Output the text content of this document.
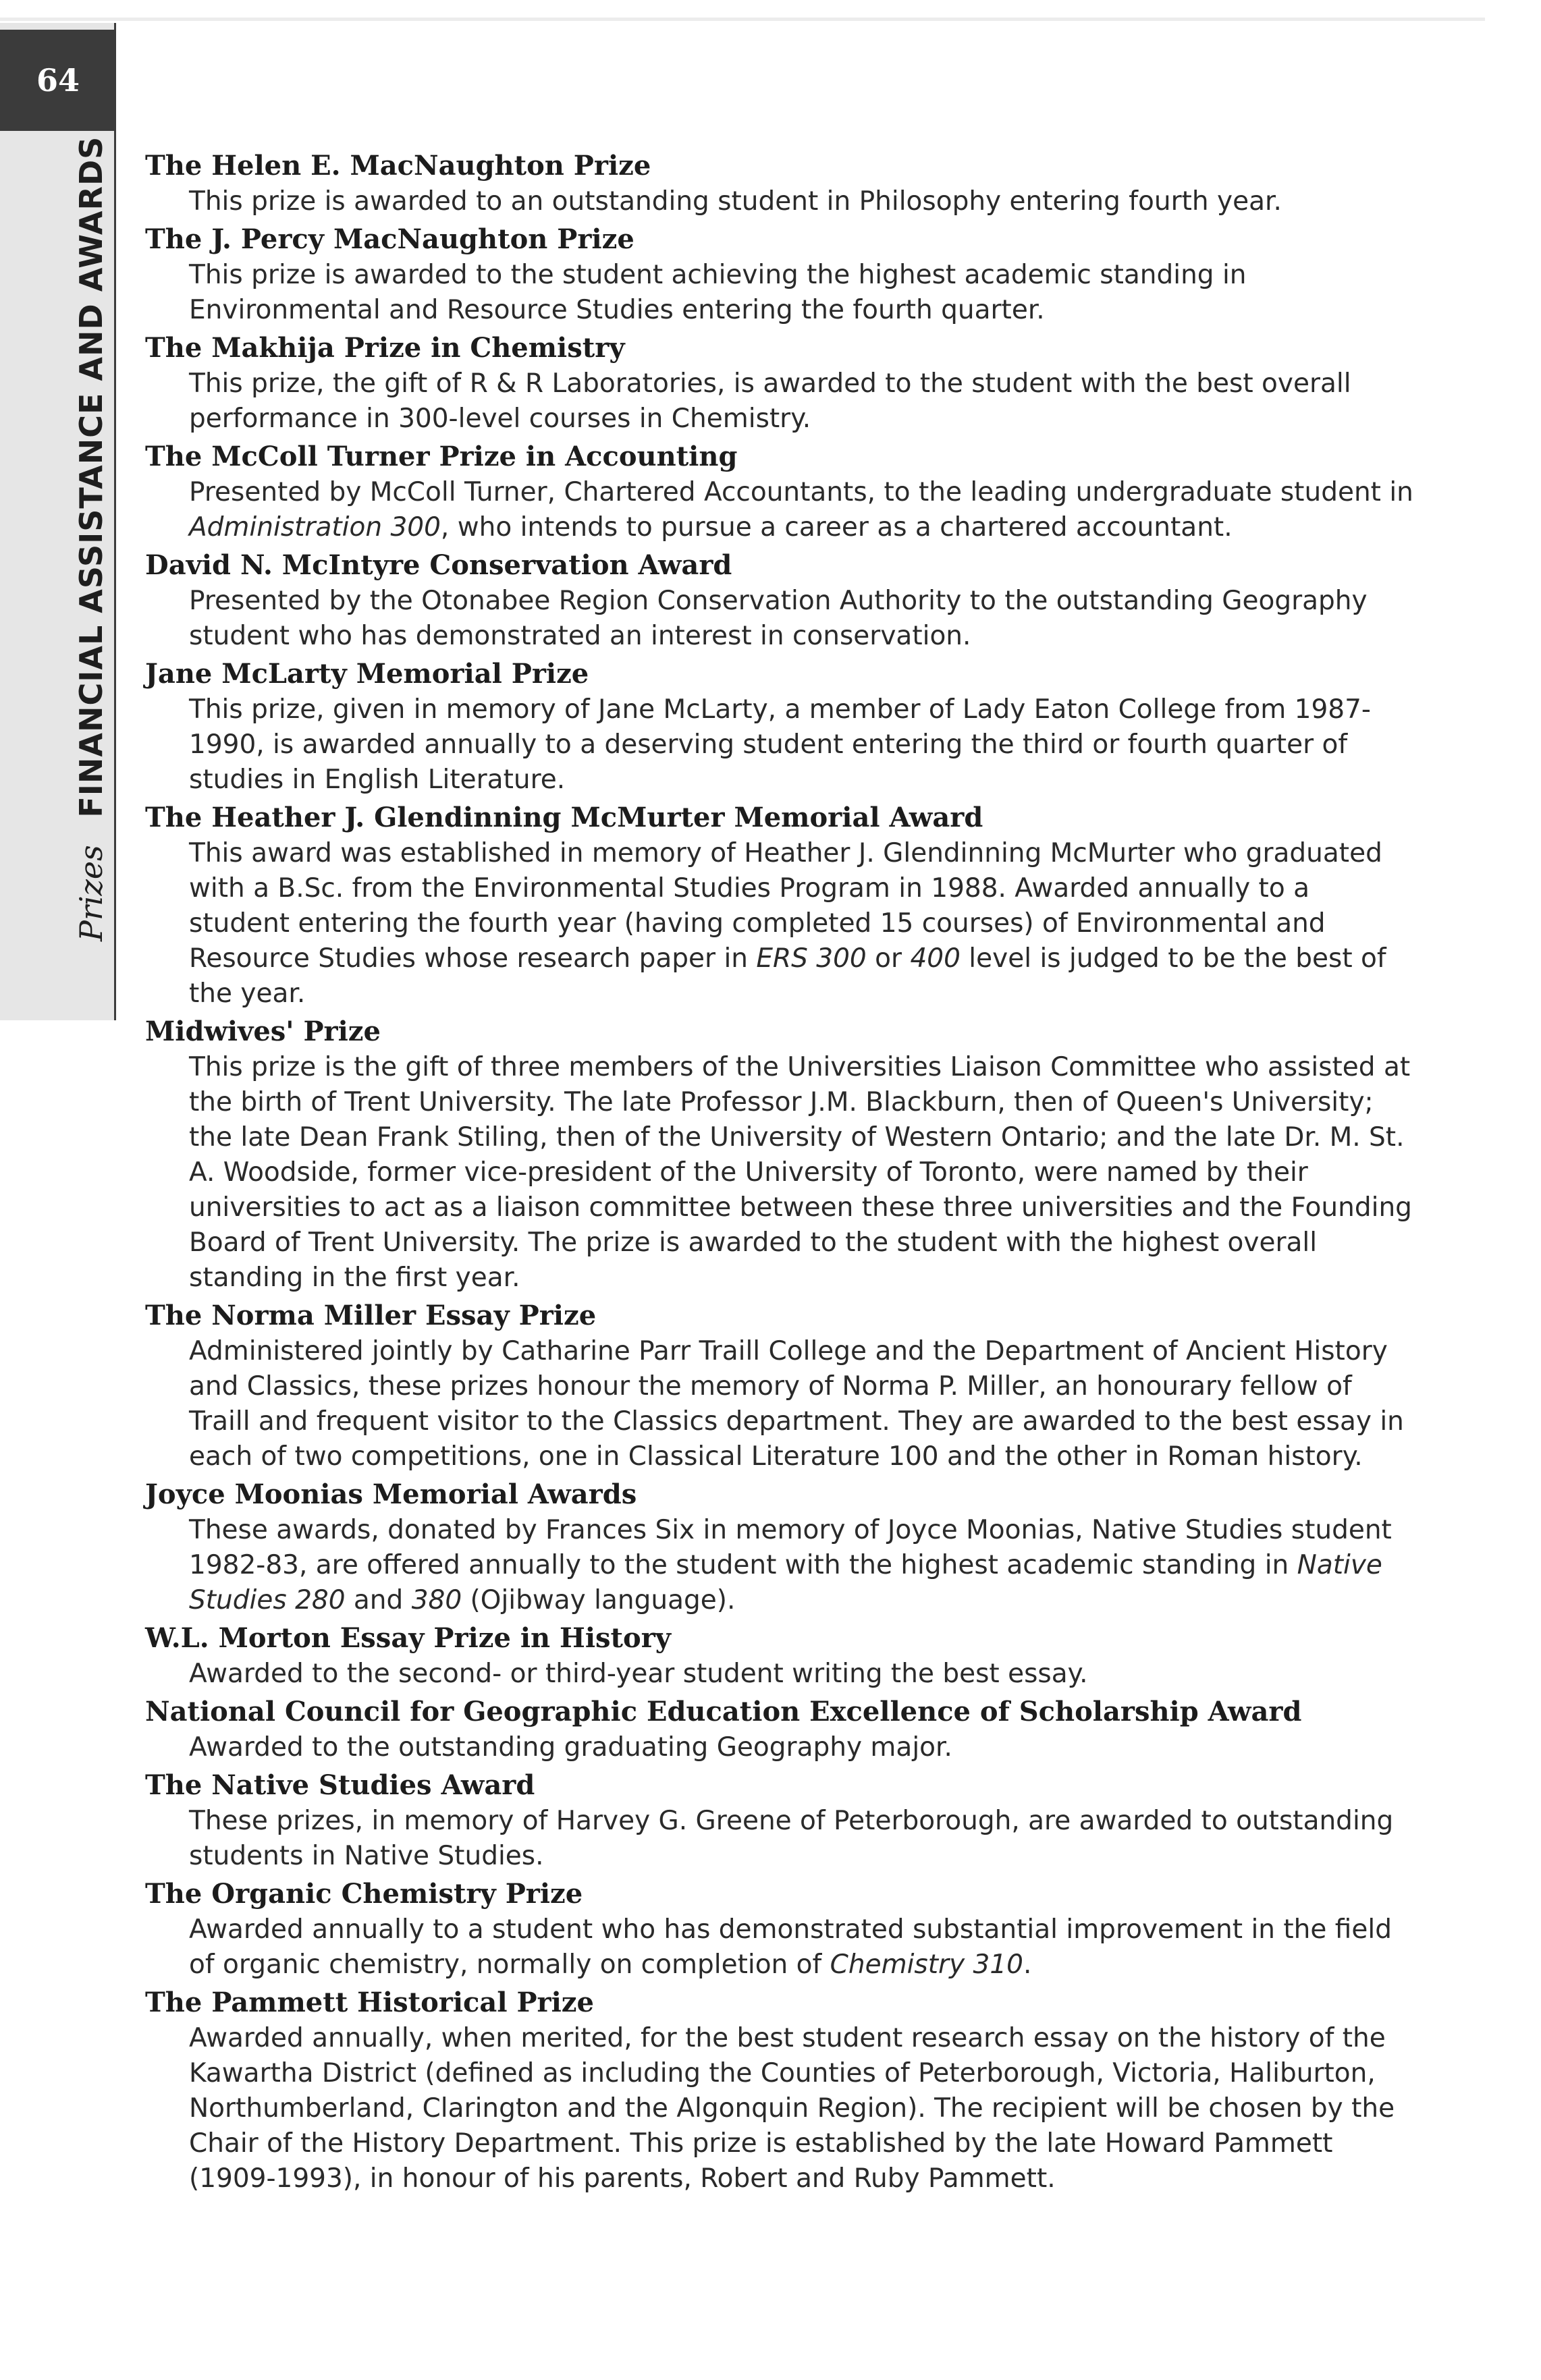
64
Prizes FINANCIAL ASSISTANCE AND AWARDS The Helen E. MacNaughton Prize
This prize is awarded to an outstanding student in Philosophy entering fourth year.
The J. Percy MacNaughton Prize
This prize is awarded to the student achieving the highest academic standing in Environmental and Resource Studies entering the fourth quarter.
The Makhija Prize in Chemistry
This prize, the gift of R & R Laboratories, is awarded to the student with the best overall performance in 300-level courses in Chemistry.
The McColl Turner Prize in Accounting
Presented by McColl Turner, Chartered Accountants, to the leading undergraduate student in Administration 300, who intends to pursue a career as a chartered accountant.
David N. McIntyre Conservation Award
Presented by the Otonabee Region Conservation Authority to the outstanding Geography student who has demonstrated an interest in conservation.
Jane McLarty Memorial Prize
This prize, given in memory of Jane McLarty, a member of Lady Eaton College from 1987-1990, is awarded annually to a deserving student entering the third or fourth quarter of studies in English Literature.
The Heather J. Glendinning McMurter Memorial Award
This award was established in memory of Heather J. Glendinning McMurter who graduated with a B.Sc. from the Environmental Studies Program in 1988. Awarded annually to a student entering the fourth year (having completed 15 courses) of Environmental and Resource Studies whose research paper in ERS 300 or 400 level is judged to be the best of the year.
Midwives' Prize
This prize is the gift of three members of the Universities Liaison Committee who assisted at the birth of Trent University. The late Professor J.M. Blackburn, then of Queen's University; the late Dean Frank Stiling, then of the University of Western Ontario; and the late Dr. M. St. A. Woodside, former vice-president of the University of Toronto, were named by their universities to act as a liaison committee between these three universities and the Founding Board of Trent University. The prize is awarded to the student with the highest overall standing in the first year.
The Norma Miller Essay Prize
Administered jointly by Catharine Parr Traill College and the Department of Ancient History and Classics, these prizes honour the memory of Norma P. Miller, an honourary fellow of Traill and frequent visitor to the Classics department. They are awarded to the best essay in each of two competitions, one in Classical Literature 100 and the other in Roman history.
Joyce Moonias Memorial Awards
These awards, donated by Frances Six in memory of Joyce Moonias, Native Studies student 1982-83, are offered annually to the student with the highest academic standing in Native Studies 280 and 380 (Ojibway language).
W.L. Morton Essay Prize in History
Awarded to the second- or third-year student writing the best essay.
National Council for Geographic Education Excellence of Scholarship Award
Awarded to the outstanding graduating Geography major.
The Native Studies Award
These prizes, in memory of Harvey G. Greene of Peterborough, are awarded to outstanding students in Native Studies.
The Organic Chemistry Prize
Awarded annually to a student who has demonstrated substantial improvement in the field of organic chemistry, normally on completion of Chemistry 310.
The Pammett Historical Prize
Awarded annually, when merited, for the best student research essay on the history of the Kawartha District (defined as including the Counties of Peterborough, Victoria, Haliburton, Northumberland, Clarington and the Algonquin Region). The recipient will be chosen by the Chair of the History Department. This prize is established by the late Howard Pammett (1909-1993), in honour of his parents, Robert and Ruby Pammett.
